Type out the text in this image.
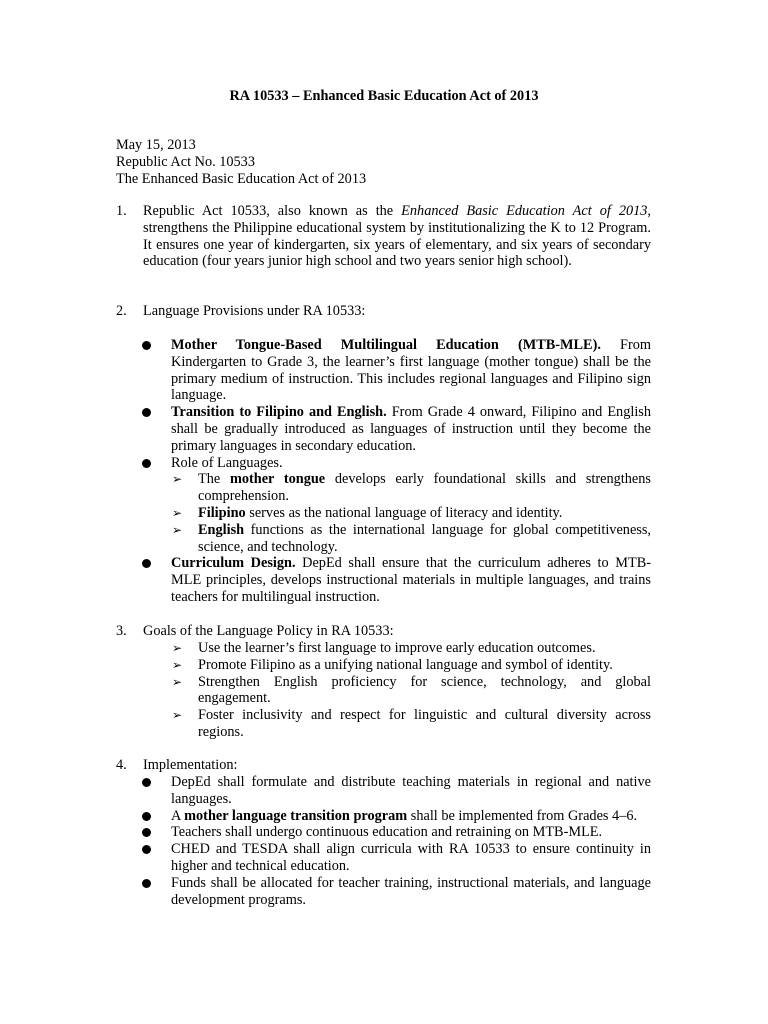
RA 10533 – Enhanced Basic Education Act of 2013
May 15, 2013
Republic Act No. 10533
The Enhanced Basic Education Act of 2013
1. Republic Act 10533, also known as the Enhanced Basic Education Act of 2013, strengthens the Philippine educational system by institutionalizing the K to 12 Program. It ensures one year of kindergarten, six years of elementary, and six years of secondary education (four years junior high school and two years senior high school).
2. Language Provisions under RA 10533:
Mother Tongue-Based Multilingual Education (MTB-MLE). From Kindergarten to Grade 3, the learner’s first language (mother tongue) shall be the primary medium of instruction. This includes regional languages and Filipino sign language.
Transition to Filipino and English. From Grade 4 onward, Filipino and English shall be gradually introduced as languages of instruction until they become the primary languages in secondary education.
Role of Languages.
➢ The mother tongue develops early foundational skills and strengthens comprehension.
➢ Filipino serves as the national language of literacy and identity.
➢ English functions as the international language for global competitiveness, science, and technology.
Curriculum Design. DepEd shall ensure that the curriculum adheres to MTB-MLE principles, develops instructional materials in multiple languages, and trains teachers for multilingual instruction.
3. Goals of the Language Policy in RA 10533:
➢ Use the learner’s first language to improve early education outcomes.
➢ Promote Filipino as a unifying national language and symbol of identity.
➢ Strengthen English proficiency for science, technology, and global engagement.
➢ Foster inclusivity and respect for linguistic and cultural diversity across regions.
4. Implementation:
DepEd shall formulate and distribute teaching materials in regional and native languages.
A mother language transition program shall be implemented from Grades 4–6.
Teachers shall undergo continuous education and retraining on MTB-MLE.
CHED and TESDA shall align curricula with RA 10533 to ensure continuity in higher and technical education.
Funds shall be allocated for teacher training, instructional materials, and language development programs.
